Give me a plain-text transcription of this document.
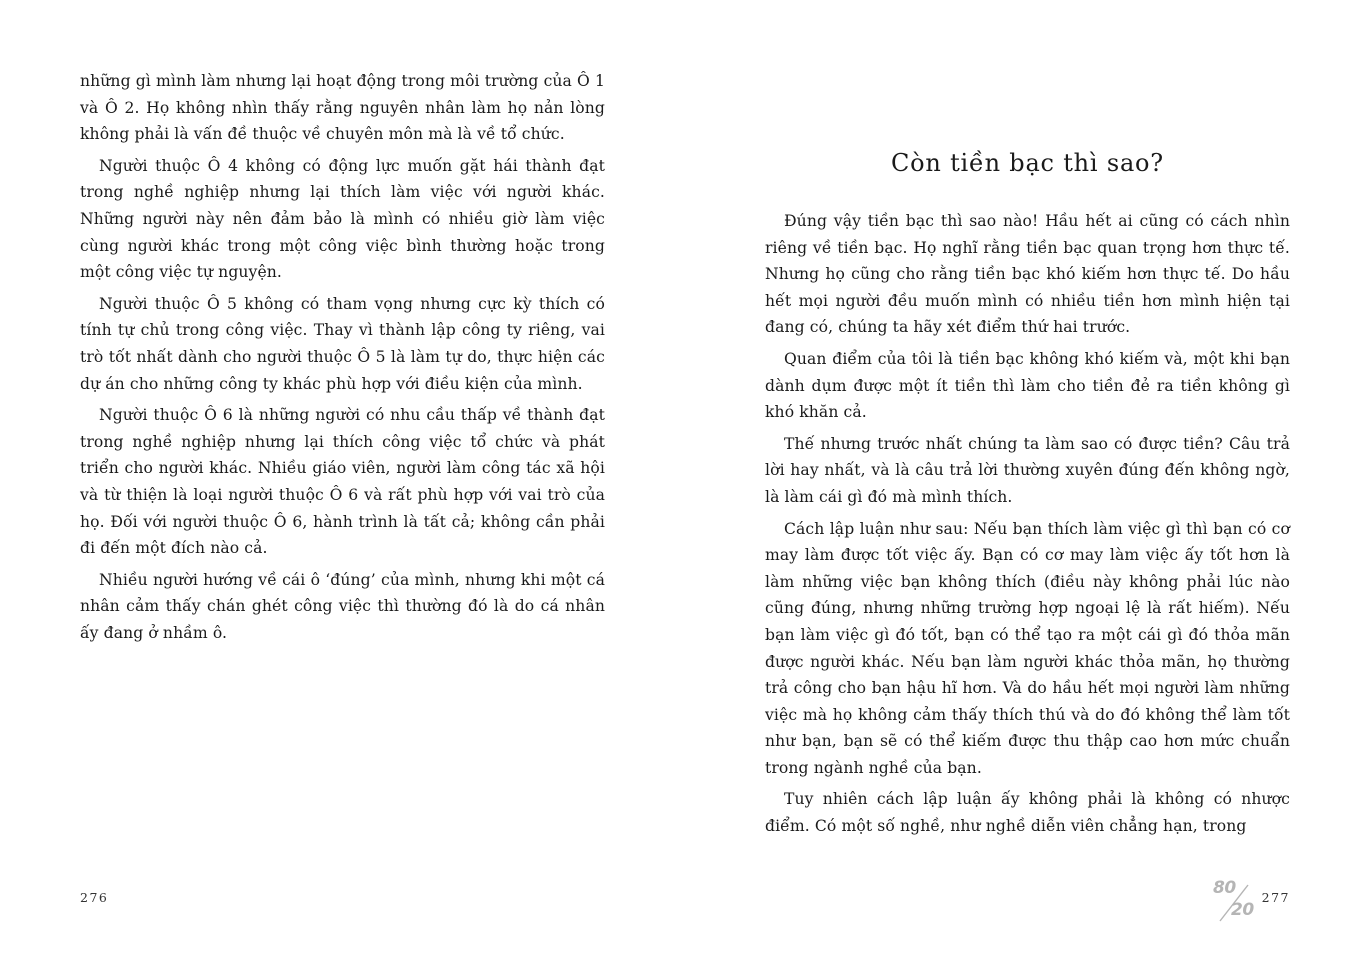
những gì mình làm nhưng lại hoạt động trong môi trường của Ô 1 và Ô 2. Họ không nhìn thấy rằng nguyên nhân làm họ nản lòng không phải là vấn đề thuộc về chuyên môn mà là về tổ chức.

Người thuộc Ô 4 không có động lực muốn gặt hái thành đạt trong nghề nghiệp nhưng lại thích làm việc với người khác. Những người này nên đảm bảo là mình có nhiều giờ làm việc cùng người khác trong một công việc bình thường hoặc trong một công việc tự nguyện.

Người thuộc Ô 5 không có tham vọng nhưng cực kỳ thích có tính tự chủ trong công việc. Thay vì thành lập công ty riêng, vai trò tốt nhất dành cho người thuộc Ô 5 là làm tự do, thực hiện các dự án cho những công ty khác phù hợp với điều kiện của mình.

Người thuộc Ô 6 là những người có nhu cầu thấp về thành đạt trong nghề nghiệp nhưng lại thích công việc tổ chức và phát triển cho người khác. Nhiều giáo viên, người làm công tác xã hội và từ thiện là loại người thuộc Ô 6 và rất phù hợp với vai trò của họ. Đối với người thuộc Ô 6, hành trình là tất cả; không cần phải đi đến một đích nào cả.

Nhiều người hướng về cái ô ‘đúng’ của mình, nhưng khi một cá nhân cảm thấy chán ghét công việc thì thường đó là do cá nhân ấy đang ở nhầm ô.

276
Còn tiền bạc thì sao?

Đúng vậy tiền bạc thì sao nào! Hầu hết ai cũng có cách nhìn riêng về tiền bạc. Họ nghĩ rằng tiền bạc quan trọng hơn thực tế. Nhưng họ cũng cho rằng tiền bạc khó kiếm hơn thực tế. Do hầu hết mọi người đều muốn mình có nhiều tiền hơn mình hiện tại đang có, chúng ta hãy xét điểm thứ hai trước.

Quan điểm của tôi là tiền bạc không khó kiếm và, một khi bạn dành dụm được một ít tiền thì làm cho tiền đẻ ra tiền không gì khó khăn cả.

Thế nhưng trước nhất chúng ta làm sao có được tiền? Câu trả lời hay nhất, và là câu trả lời thường xuyên đúng đến không ngờ, là làm cái gì đó mà mình thích.

Cách lập luận như sau: Nếu bạn thích làm việc gì thì bạn có cơ may làm được tốt việc ấy. Bạn có cơ may làm việc ấy tốt hơn là làm những việc bạn không thích (điều này không phải lúc nào cũng đúng, nhưng những trường hợp ngoại lệ là rất hiếm). Nếu bạn làm việc gì đó tốt, bạn có thể tạo ra một cái gì đó thỏa mãn được người khác. Nếu bạn làm người khác thỏa mãn, họ thường trả công cho bạn hậu hĩ hơn. Và do hầu hết mọi người làm những việc mà họ không cảm thấy thích thú và do đó không thể làm tốt như bạn, bạn sẽ có thể kiếm được thu thập cao hơn mức chuẩn trong ngành nghề của bạn.

Tuy nhiên cách lập luận ấy không phải là không có nhược điểm. Có một số nghề, như nghề diễn viên chẳng hạn, trong

80
20
277
